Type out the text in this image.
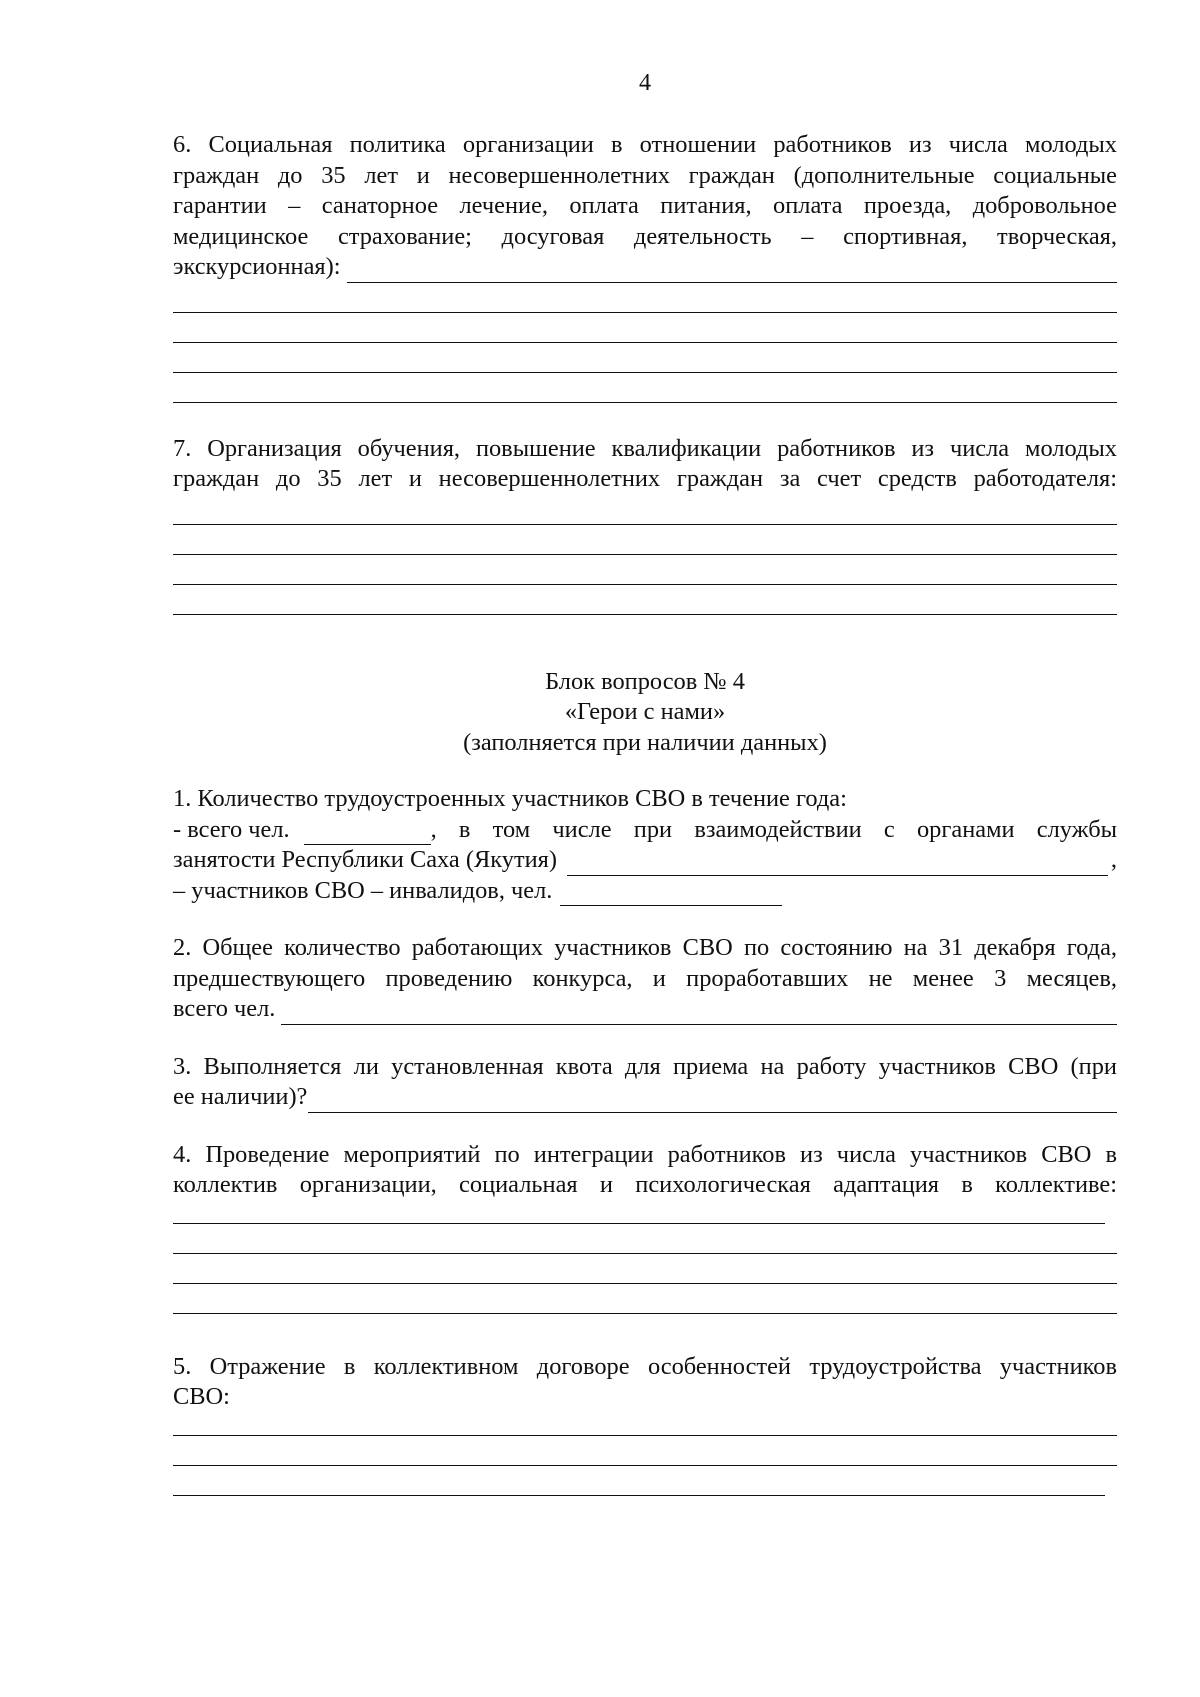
4

6. Социальная политика организации в отношении работников из числа молодых

граждан до 35 лет и несовершеннолетних граждан (дополнительные социальные

гарантии – санаторное лечение, оплата питания, оплата проезда, добровольное

медицинское страхование; досуговая деятельность – спортивная, творческая,

экскурсионная):

7. Организация обучения, повышение квалификации работников из числа молодых

граждан до 35 лет и несовершеннолетних граждан за счет средств работодателя:

Блок вопросов № 4

«Герои с нами»

(заполняется при наличии данных)

1. Количество трудоустроенных участников СВО в течение года:

- всего чел.	, в том числе при взаимодействии с органами службы
занятости Республики Саха (Якутия)	,
– участников СВО – инвалидов, чел.

2. Общее количество работающих участников СВО по состоянию на 31 декабря года,

предшествующего проведению конкурса, и проработавших не менее 3 месяцев,

всего чел.

3. Выполняется ли установленная квота для приема на работу участников СВО (при

ее наличии)?

4. Проведение мероприятий по интеграции работников из числа участников СВО в

коллектив организации, социальная и психологическая адаптация в коллективе:

5. Отражение в коллективном договоре особенностей трудоустройства участников

СВО:
